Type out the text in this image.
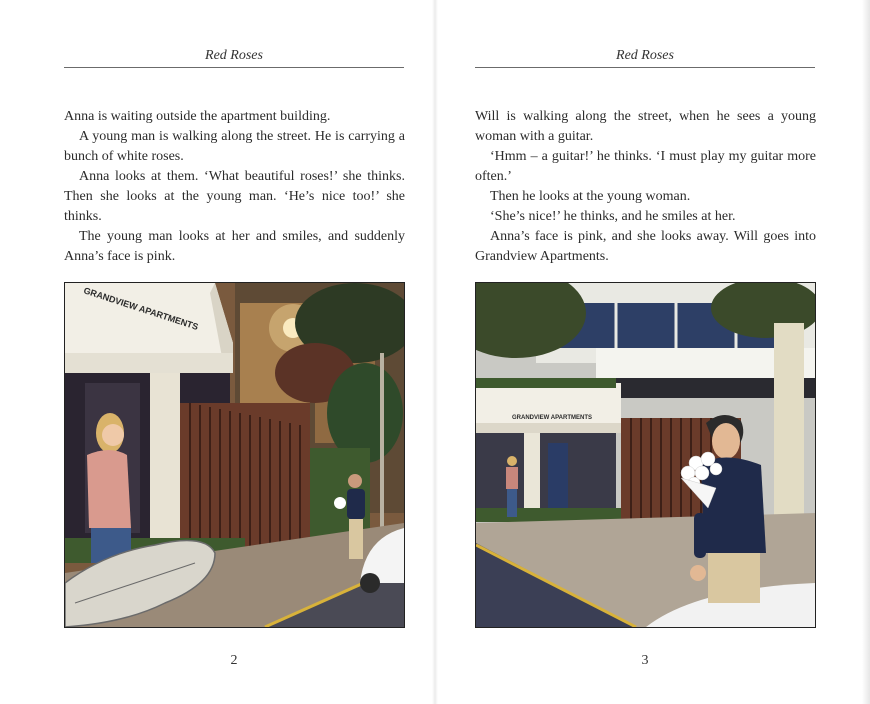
Red Roses

Anna is waiting outside the apartment building.

A young man is walking along the street. He is carrying a bunch of white roses.

Anna looks at them. ‘What beautiful roses!’ she thinks. Then she looks at the young man. ‘He’s nice too!’ she thinks.

The young man looks at her and smiles, and suddenly Anna’s face is pink.

GRANDVIEW APARTMENTS
2
Red Roses

Will is walking along the street, when he sees a young woman with a guitar.

‘Hmm – a guitar!’ he thinks. ‘I must play my guitar more often.’

Then he looks at the young woman.

‘She’s nice!’ he thinks, and he smiles at her.

Anna’s face is pink, and she looks away. Will goes into Grandview Apartments.

GRANDVIEW APARTMENTS
3
